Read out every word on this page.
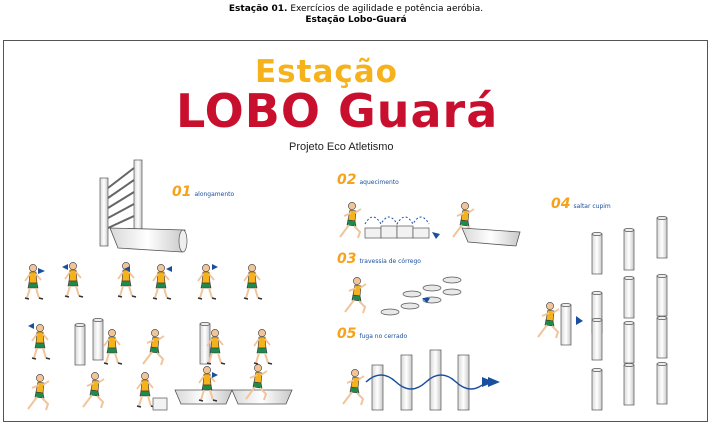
Estação 01. Exercícios de agilidade e potência aeróbia.
Estação Lobo-Guará
Estação
LOBO Guará
Projeto Eco Atletismo
01 alongamento
02 aquecimento
03 travessia de córrego
04 saltar cupim
05 fuga no cerrado
